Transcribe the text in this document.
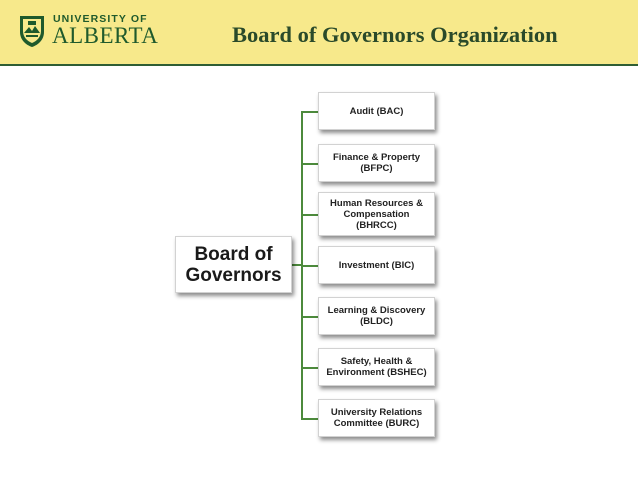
UNIVERSITY OF
ALBERTA	Board of Governors Organization
Board of Governors
Audit (BAC)
Finance & Property (BFPC)
Human Resources & Compensation (BHRCC)
Investment (BIC)
Learning & Discovery (BLDC)
Safety, Health & Environment (BSHEC)
University Relations Committee (BURC)
